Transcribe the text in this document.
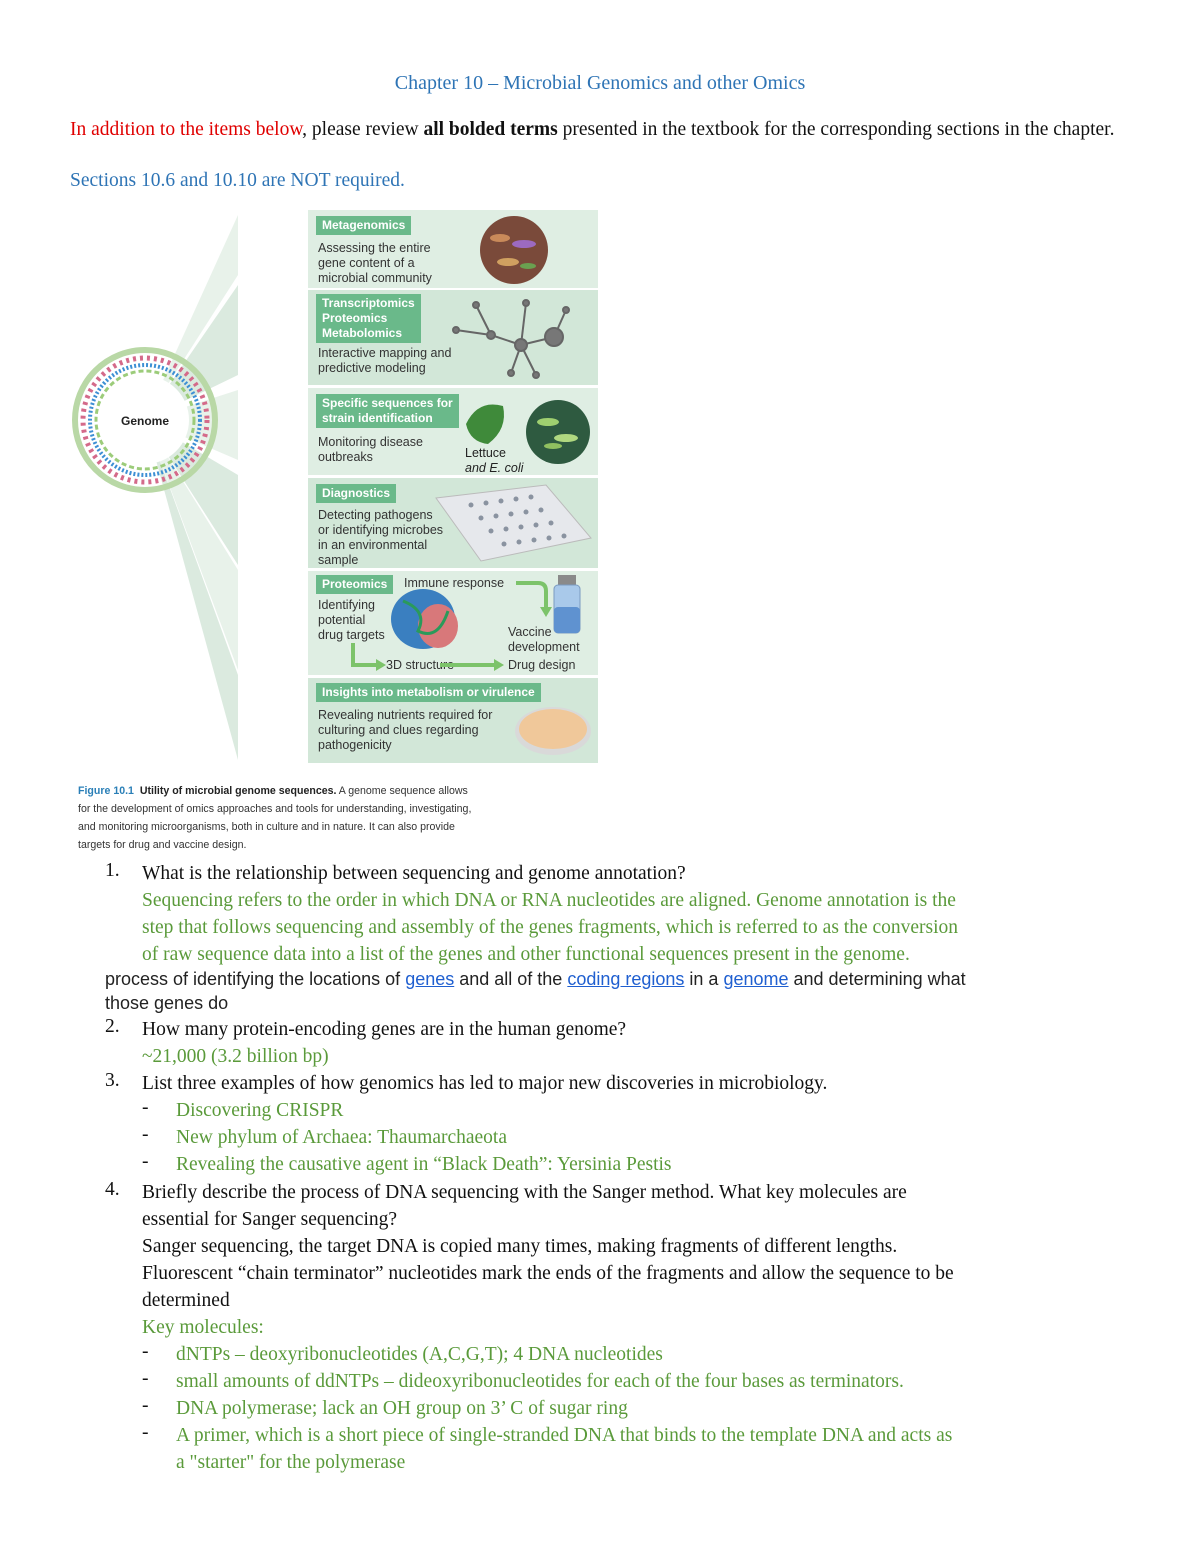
Chapter 10 – Microbial Genomics and other Omics
In addition to the items below, please review all bolded terms presented in the textbook for the corresponding sections in the chapter.
Sections 10.6 and 10.10 are NOT required.
Genome
Metagenomics
Assessing the entire
gene content of a
microbial community
Transcriptomics
Proteomics
Metabolomics
Interactive mapping and
predictive modeling
Specific sequences for
strain identification
Monitoring disease
outbreaks	Lettuce
and E. coli
Diagnostics
Detecting pathogens
or identifying microbes
in an environmental
sample
Proteomics	Immune response
Identifying
potential
drug targets	Vaccine
development
3D structure	Drug design
Insights into metabolism or virulence
Revealing nutrients required for
culturing and clues regarding
pathogenicity
Figure 10.1 Utility of microbial genome sequences. A genome sequence allows
for the development of omics approaches and tools for understanding, investigating,
and monitoring microorganisms, both in culture and in nature. It can also provide
targets for drug and vaccine design.
1. What is the relationship between sequencing and genome annotation?
Sequencing refers to the order in which DNA or RNA nucleotides are aligned. Genome annotation is the
step that follows sequencing and assembly of the genes fragments, which is referred to as the conversion
of raw sequence data into a list of the genes and other functional sequences present in the genome.
process of identifying the locations of genes and all of the coding regions in a genome and determining what
those genes do
2. How many protein-encoding genes are in the human genome?
~21,000 (3.2 billion bp)
3. List three examples of how genomics has led to major new discoveries in microbiology.
- Discovering CRISPR
- New phylum of Archaea: Thaumarchaeota
- Revealing the causative agent in “Black Death”: Yersinia Pestis
4. Briefly describe the process of DNA sequencing with the Sanger method. What key molecules are
essential for Sanger sequencing?
Sanger sequencing, the target DNA is copied many times, making fragments of different lengths.
Fluorescent “chain terminator” nucleotides mark the ends of the fragments and allow the sequence to be
determined
Key molecules:
- dNTPs – deoxyribonucleotides (A,C,G,T); 4 DNA nucleotides
- small amounts of ddNTPs – dideoxyribonucleotides for each of the four bases as terminators.
- DNA polymerase; lack an OH group on 3’ C of sugar ring
- A primer, which is a short piece of single-stranded DNA that binds to the template DNA and acts as
a "starter" for the polymerase
